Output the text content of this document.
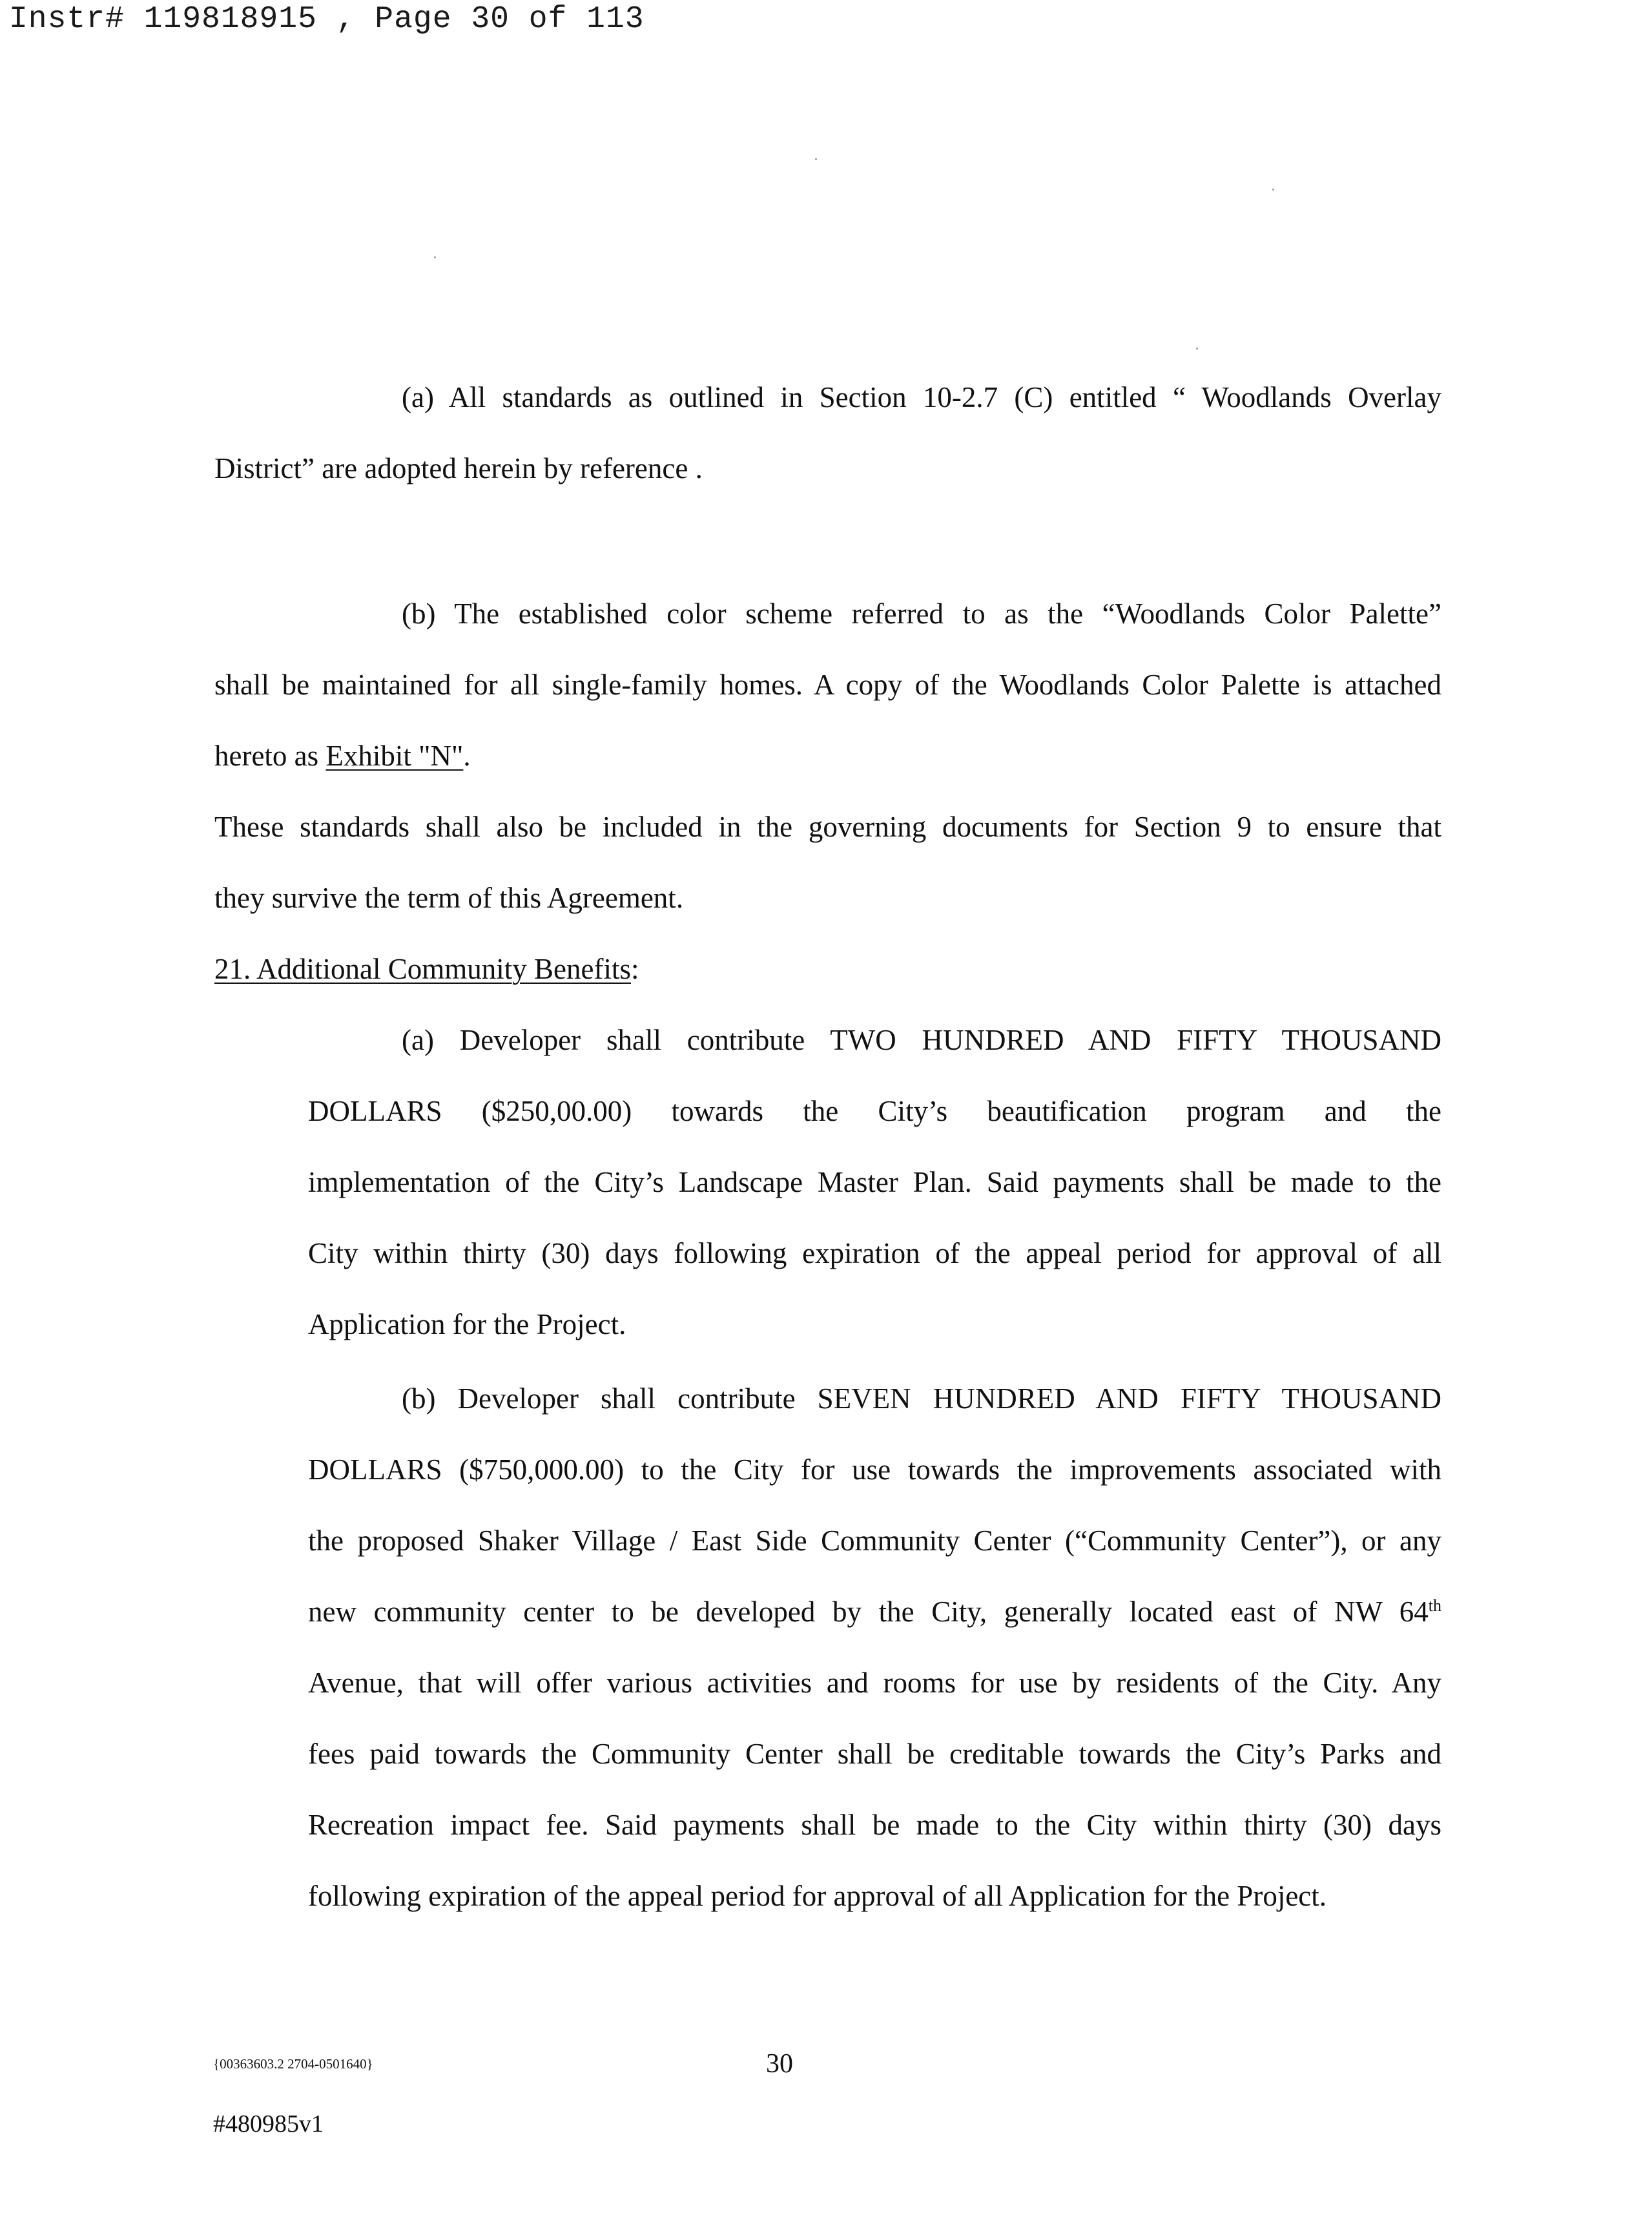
Instr# 119818915 , Page 30 of 113

(a) All standards as outlined in Section 10-2.7 (C) entitled “ Woodlands Overlay

District” are adopted herein by reference .

(b) The established color scheme referred to as the “Woodlands Color Palette”

shall be maintained for all single-family homes. A copy of the Woodlands Color Palette is attached

hereto as Exhibit "N".

These standards shall also be included in the governing documents for Section 9 to ensure that

they survive the term of this Agreement.

21. Additional Community Benefits:

(a) Developer shall contribute TWO HUNDRED AND FIFTY THOUSAND

DOLLARS ($250,00.00) towards the City’s beautification program and the

implementation of the City’s Landscape Master Plan. Said payments shall be made to the

City within thirty (30) days following expiration of the appeal period for approval of all

Application for the Project.

(b) Developer shall contribute SEVEN HUNDRED AND FIFTY THOUSAND

DOLLARS ($750,000.00) to the City for use towards the improvements associated with

the proposed Shaker Village / East Side Community Center (“Community Center”), or any

new community center to be developed by the City, generally located east of NW 64th

Avenue, that will offer various activities and rooms for use by residents of the City. Any

fees paid towards the Community Center shall be creditable towards the City’s Parks and

Recreation impact fee. Said payments shall be made to the City within thirty (30) days

following expiration of the appeal period for approval of all Application for the Project.

{00363603.2 2704-0501640}	30
#480985v1
